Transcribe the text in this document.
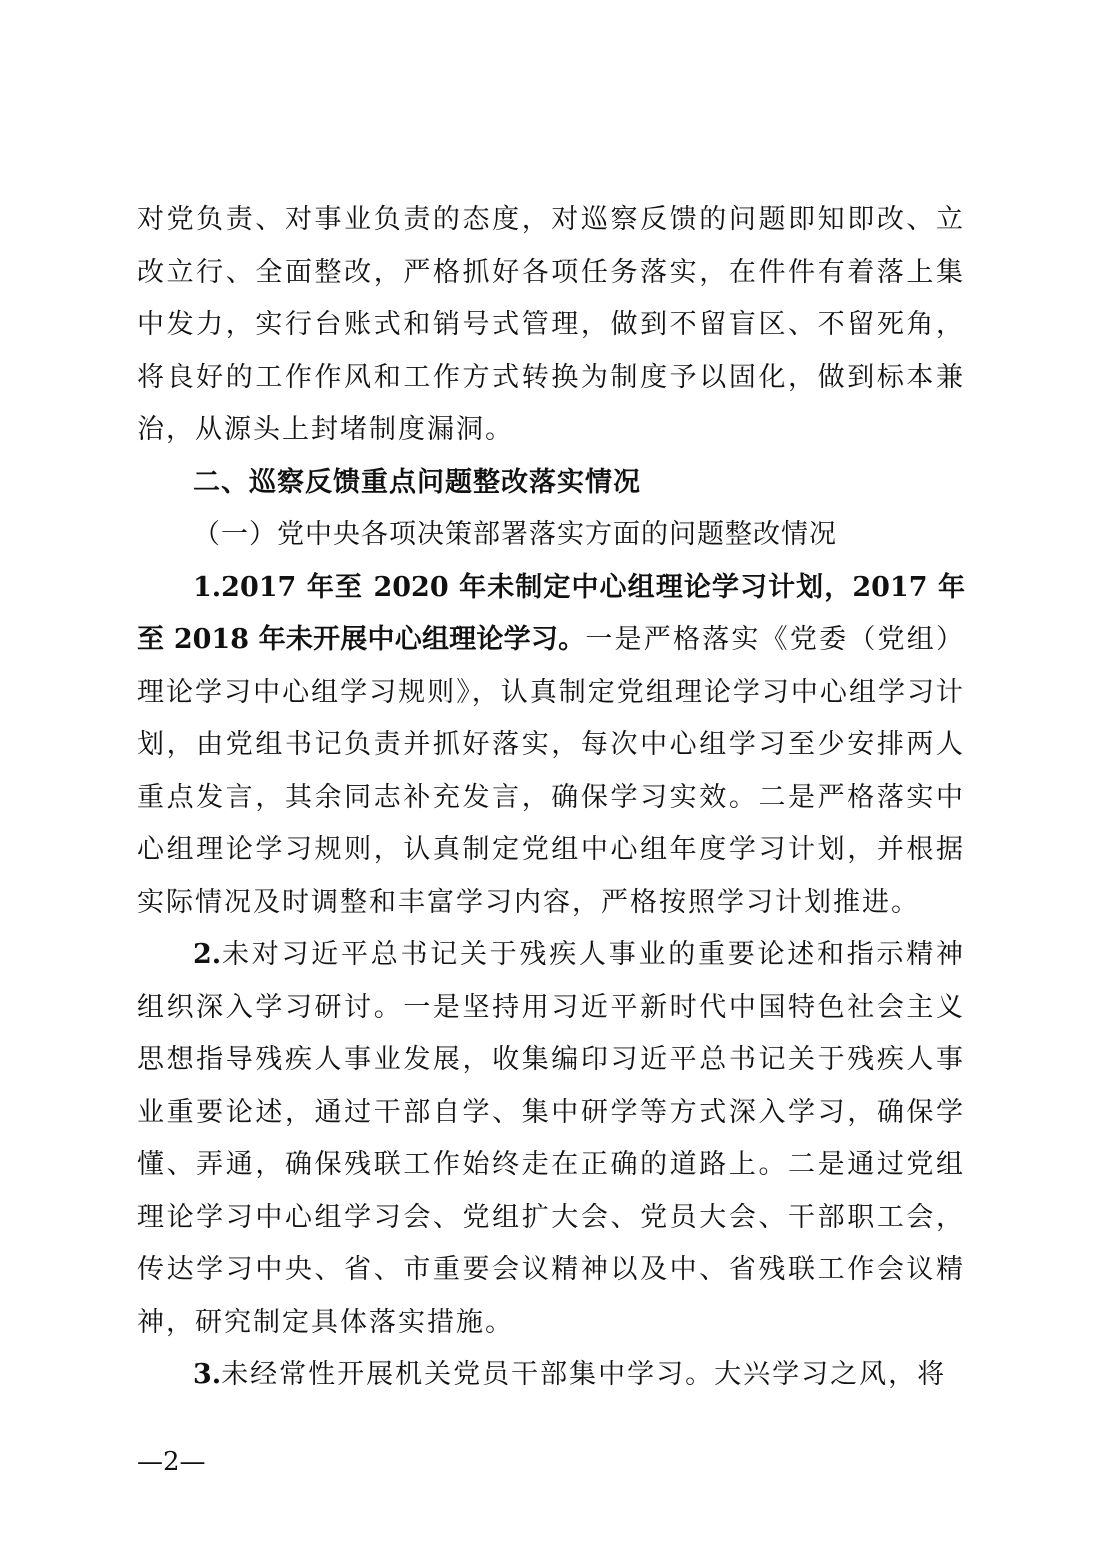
对党负责、对事业负责的态度，对巡察反馈的问题即知即改、立改立行、全面整改，严格抓好各项任务落实，在件件有着落上集中发力，实行台账式和销号式管理，做到不留盲区、不留死角，将良好的工作作风和工作方式转换为制度予以固化，做到标本兼治，从源头上封堵制度漏洞。

二、巡察反馈重点问题整改落实情况

（一）党中央各项决策部署落实方面的问题整改情况

1.2017 年至 2020 年未制定中心组理论学习计划，2017 年至 2018 年未开展中心组理论学习。一是严格落实《党委（党组）理论学习中心组学习规则》，认真制定党组理论学习中心组学习计划，由党组书记负责并抓好落实，每次中心组学习至少安排两人重点发言，其余同志补充发言，确保学习实效。二是严格落实中心组理论学习规则，认真制定党组中心组年度学习计划，并根据实际情况及时调整和丰富学习内容，严格按照学习计划推进。

2.未对习近平总书记关于残疾人事业的重要论述和指示精神组织深入学习研讨。一是坚持用习近平新时代中国特色社会主义思想指导残疾人事业发展，收集编印习近平总书记关于残疾人事业重要论述，通过干部自学、集中研学等方式深入学习，确保学懂、弄通，确保残联工作始终走在正确的道路上。二是通过党组理论学习中心组学习会、党组扩大会、党员大会、干部职工会，传达学习中央、省、市重要会议精神以及中、省残联工作会议精神，研究制定具体落实措施。

3.未经常性开展机关党员干部集中学习。大兴学习之风，将

—2—
